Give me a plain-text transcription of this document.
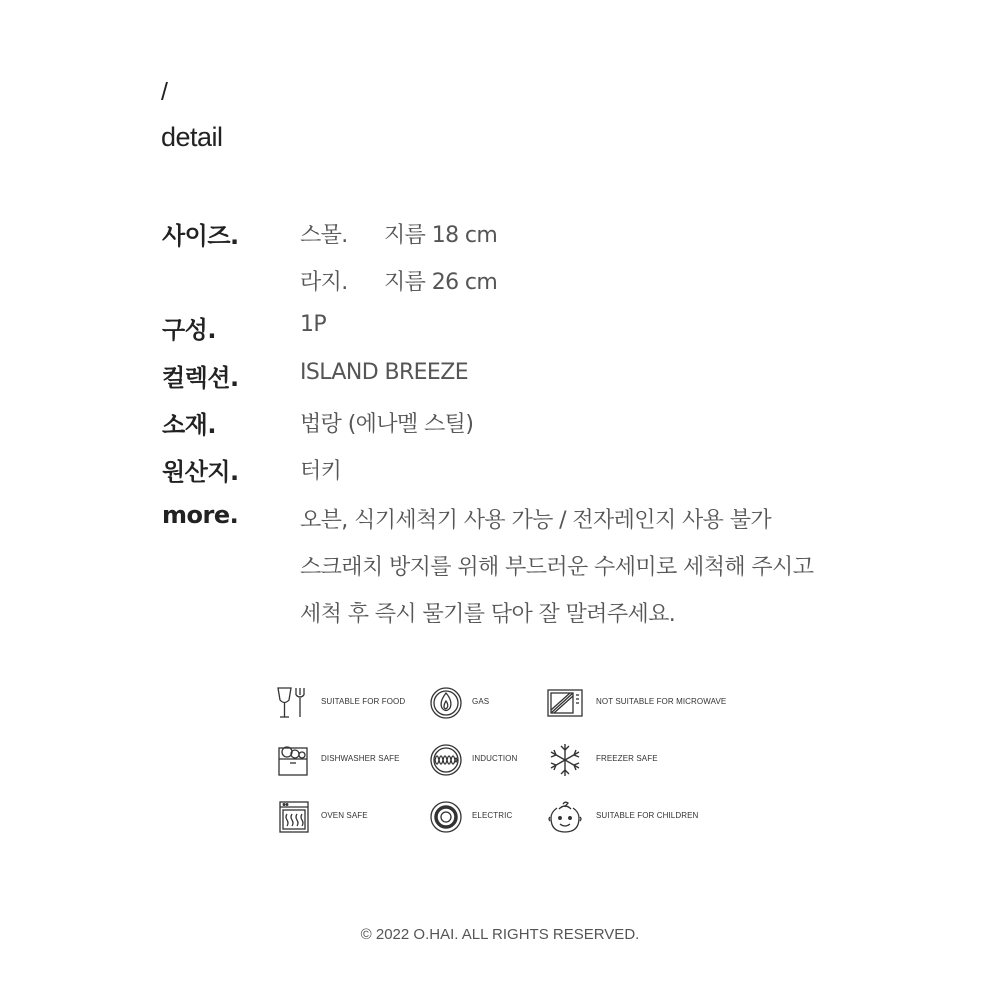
/
detail
사이즈.	스몰. 지름 18 cm
라지. 지름 26 cm
구성.	1P
컬렉션.	ISLAND BREEZE
소재.	법랑 (에나멜 스틸)
원산지.	터키
more.	오븐, 식기세척기 사용 가능 / 전자레인지 사용 불가
스크래치 방지를 위해 부드러운 수세미로 세척해 주시고
세척 후 즉시 물기를 닦아 잘 말려주세요.
SUITABLE FOR FOOD	GAS	NOT SUITABLE FOR MICROWAVE
DISHWASHER SAFE	INDUCTION	FREEZER SAFE
OVEN SAFE	ELECTRIC	SUITABLE FOR CHILDREN
© 2022 O.HAI. ALL RIGHTS RESERVED.
